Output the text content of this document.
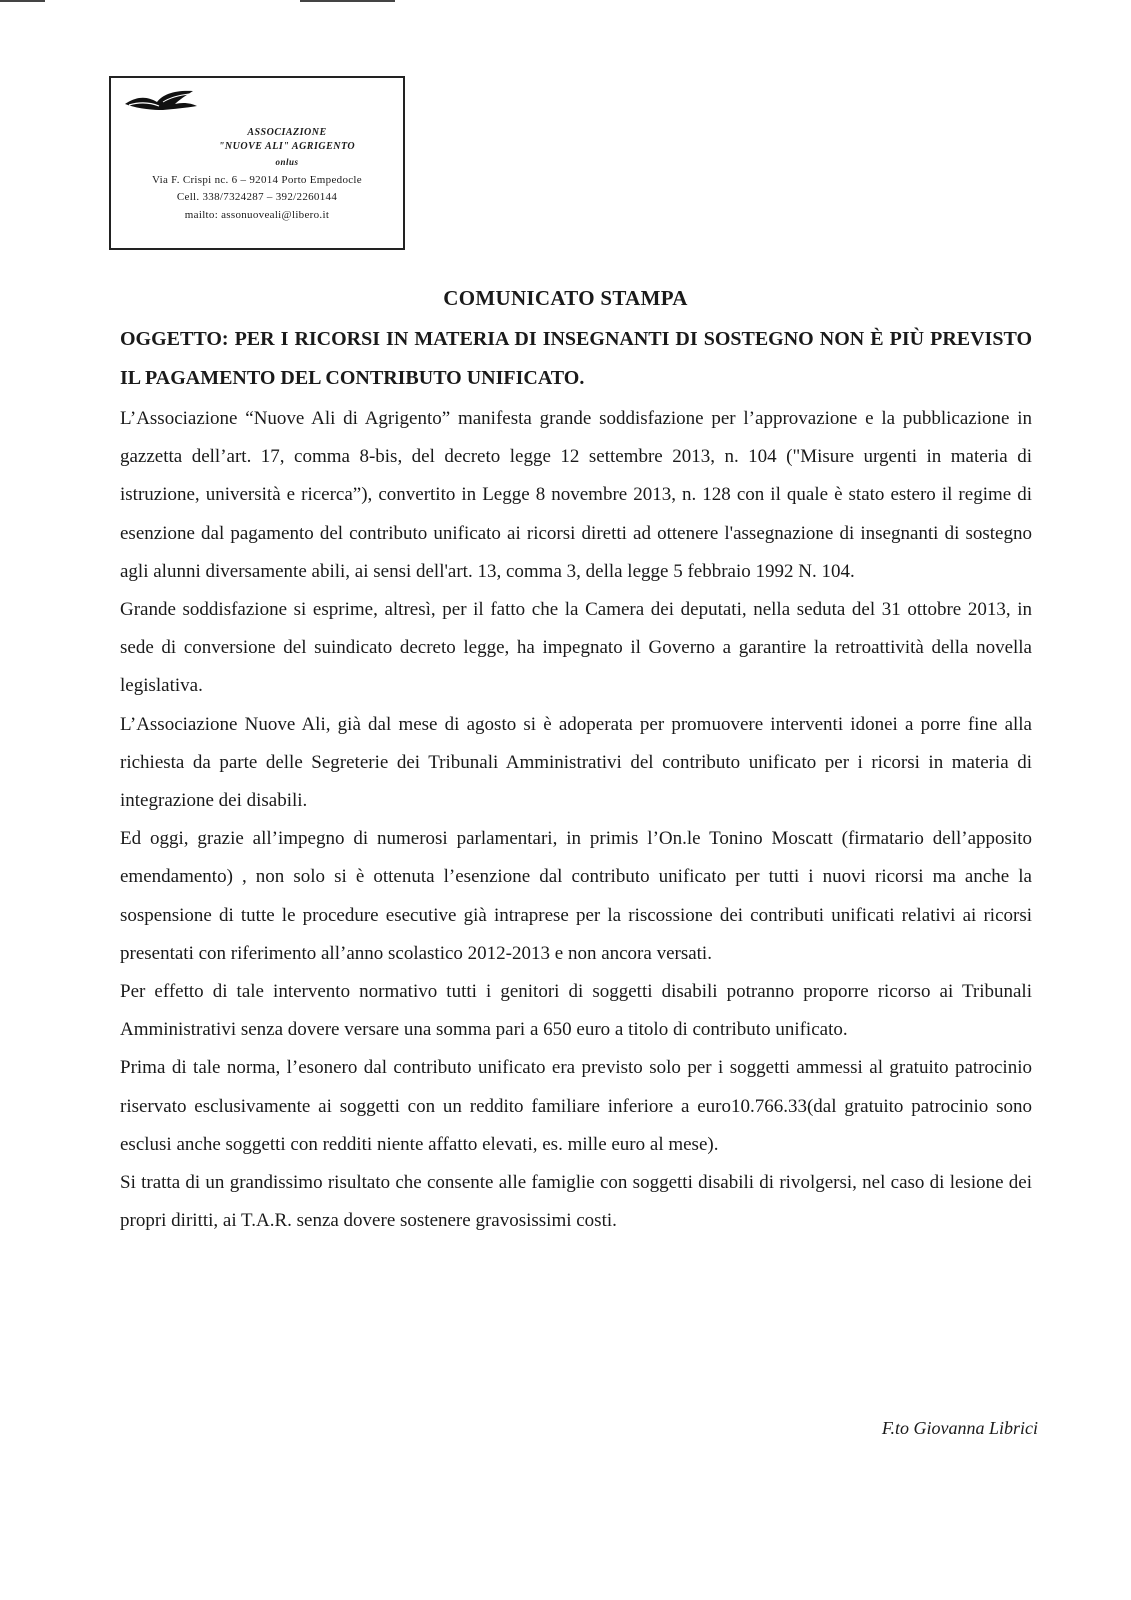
ASSOCIAZIONE
"NUOVE ALI" AGRIGENTO
onlus
Via F. Crispi nc. 6 – 92014 Porto Empedocle
Cell. 338/7324287 – 392/2260144
mailto: assonuoveali@libero.it
COMUNICATO STAMPA
OGGETTO: PER I RICORSI IN MATERIA DI INSEGNANTI DI SOSTEGNO NON È PIÙ PREVISTO IL PAGAMENTO DEL CONTRIBUTO UNIFICATO.

L’Associazione “Nuove Ali di Agrigento” manifesta grande soddisfazione per l’approvazione e la pubblicazione in gazzetta dell’art. 17, comma 8-bis, del decreto legge 12 settembre 2013, n. 104 ("Misure urgenti in materia di istruzione, università e ricerca”), convertito in Legge 8 novembre 2013, n. 128 con il quale è stato estero il regime di esenzione dal pagamento del contributo unificato ai ricorsi diretti ad ottenere l'assegnazione di insegnanti di sostegno agli alunni diversamente abili, ai sensi dell'art. 13, comma 3, della legge 5 febbraio 1992 N. 104.

Grande soddisfazione si esprime, altresì, per il fatto che la Camera dei deputati, nella seduta del 31 ottobre 2013, in sede di conversione del suindicato decreto legge, ha impegnato il Governo a garantire la retroattività della novella legislativa.

L’Associazione Nuove Ali, già dal mese di agosto si è adoperata per promuovere interventi idonei a porre fine alla richiesta da parte delle Segreterie dei Tribunali Amministrativi del contributo unificato per i ricorsi in materia di integrazione dei disabili.

Ed oggi, grazie all’impegno di numerosi parlamentari, in primis l’On.le Tonino Moscatt (firmatario dell’apposito emendamento) , non solo si è ottenuta l’esenzione dal contributo unificato per tutti i nuovi ricorsi ma anche la sospensione di tutte le procedure esecutive già intraprese per la riscossione dei contributi unificati relativi ai ricorsi presentati con riferimento all’anno scolastico 2012-2013 e non ancora versati.

Per effetto di tale intervento normativo tutti i genitori di soggetti disabili potranno proporre ricorso ai Tribunali Amministrativi senza dovere versare una somma pari a 650 euro a titolo di contributo unificato.

Prima di tale norma, l’esonero dal contributo unificato era previsto solo per i soggetti ammessi al gratuito patrocinio riservato esclusivamente ai soggetti con un reddito familiare inferiore a euro10.766.33(dal gratuito patrocinio sono esclusi anche soggetti con redditi niente affatto elevati, es. mille euro al mese).

Si tratta di un grandissimo risultato che consente alle famiglie con soggetti disabili di rivolgersi, nel caso di lesione dei propri diritti, ai T.A.R. senza dovere sostenere gravosissimi costi.

F.to Giovanna Librici
